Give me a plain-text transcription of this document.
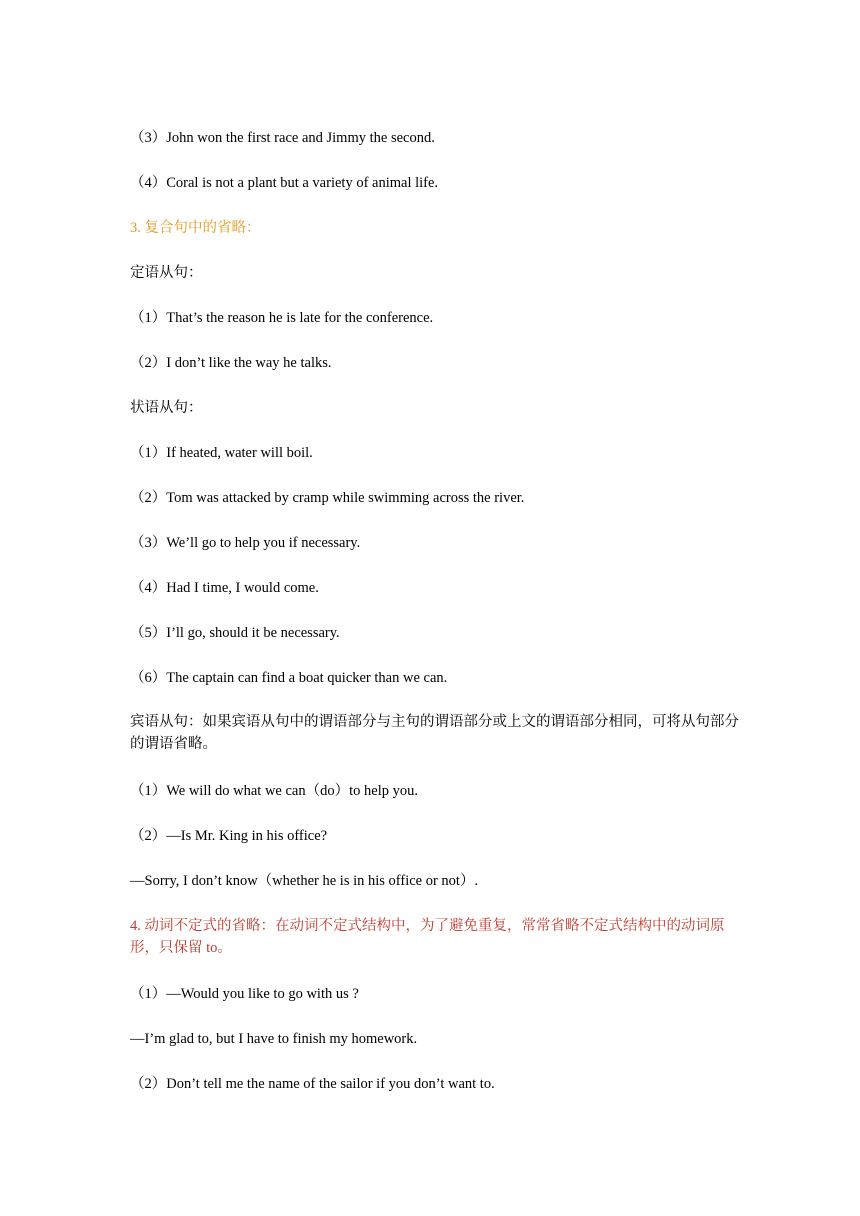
（3）John won the first race and Jimmy the second.
（4）Coral is not a plant but a variety of animal life.
3. 复合句中的省略：
定语从句：
（1）That’s the reason he is late for the conference.
（2）I don’t like the way he talks.
状语从句：
（1）If heated, water will boil.
（2）Tom was attacked by cramp while swimming across the river.
（3）We’ll go to help you if necessary.
（4）Had I time, I would come.
（5）I’ll go, should it be necessary.
（6）The captain can find a boat quicker than we can.
宾语从句：如果宾语从句中的谓语部分与主句的谓语部分或上文的谓语部分相同，可将从句部分的谓语省略。
（1）We will do what we can（do）to help you.
（2）—Is Mr. King in his office?
—Sorry, I don’t know（whether he is in his office or not）.
4. 动词不定式的省略：在动词不定式结构中，为了避免重复，常常省略不定式结构中的动词原形，只保留 to。
（1）—Would you like to go with us ?
—I’m glad to, but I have to finish my homework.
（2）Don’t tell me the name of the sailor if you don’t want to.
